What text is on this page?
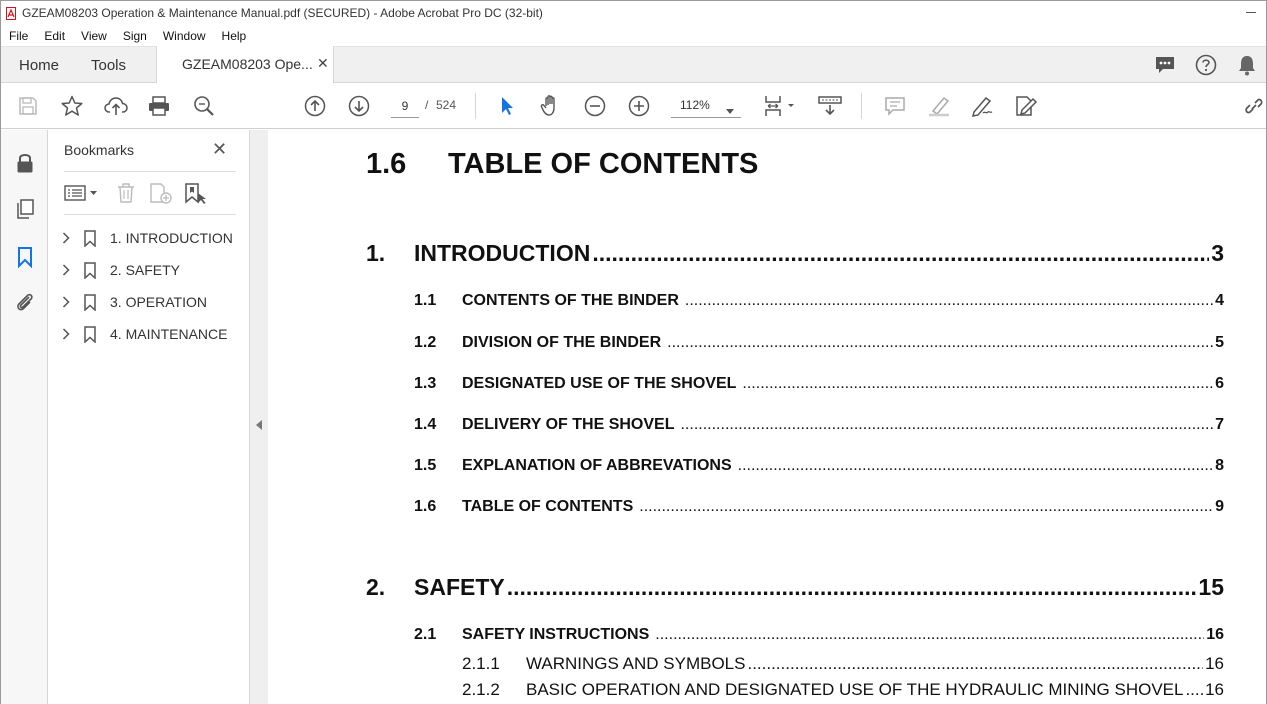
GZEAM08203 Operation & Maintenance Manual.pdf (SECURED) - Adobe Acrobat Pro DC (32-bit)
File Edit View Sign Window Help
Home Tools	GZEAM08203 Ope... ✕
9	/ 524	112%
Bookmarks	✕
1. INTRODUCTION
2. SAFETY
3. OPERATION
4. MAINTENANCE
1.6 TABLE OF CONTENTS
1.	INTRODUCTION .....	3
1.1	CONTENTS OF THE BINDER .....	4
1.2	DIVISION OF THE BINDER .....	5
1.3	DESIGNATED USE OF THE SHOVEL .....	6
1.4	DELIVERY OF THE SHOVEL .....	7
1.5	EXPLANATION OF ABBREVATIONS .....	8
1.6	TABLE OF CONTENTS .....	9
2.	SAFETY .....	15
2.1	SAFETY INSTRUCTIONS .....	16
2.1.1	WARNINGS AND SYMBOLS .....	16
2.1.2	BASIC OPERATION AND DESIGNATED USE OF THE HYDRAULIC MINING SHOVEL ..... 16
